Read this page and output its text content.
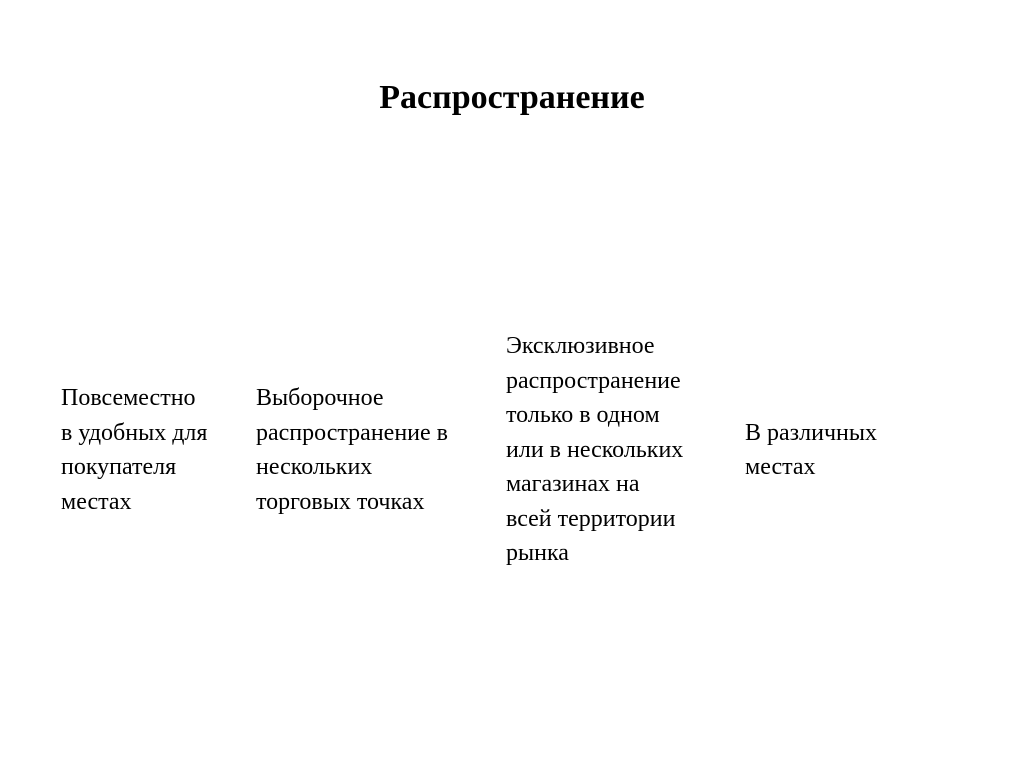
Распространение
Повсеместно
в удобных для
покупателя
местах
Выборочное
распространение в
нескольких
торговых точках
Эксклюзивное
распространение
только в одном
или в нескольких
магазинах на
всей территории
рынка
В различных
местах
